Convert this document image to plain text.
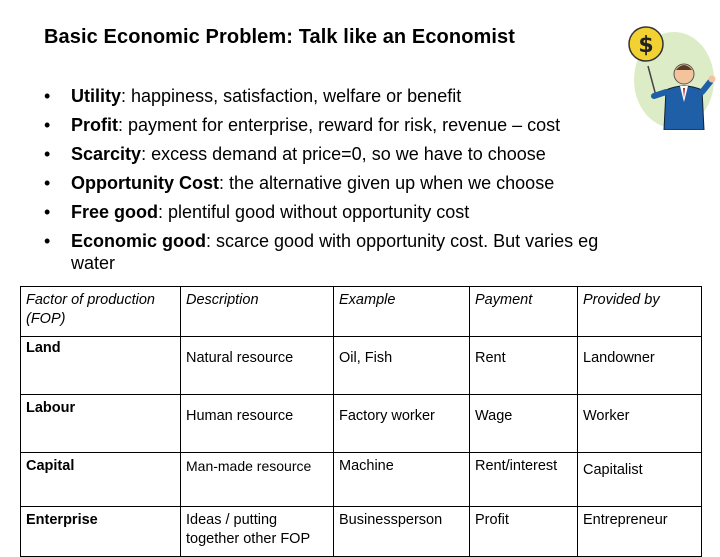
Basic Economic Problem: Talk like an Economist	$
• Utility: happiness, satisfaction, welfare or benefit
• Profit: payment for enterprise, reward for risk, revenue – cost
• Scarcity: excess demand at price=0, so we have to choose
• Opportunity Cost: the alternative given up when we choose
• Free good: plentiful good without opportunity cost
• Economic good: scarce good with opportunity cost. But varies eg
water
Factor of production (FOP)	Description	Example	Payment	Provided by
Land	Natural resource	Oil, Fish	Rent	Landowner
Labour	Human resource	Factory worker	Wage	Worker
Capital	Man-made resource	Machine	Rent/interest	Capitalist
Enterprise	Ideas / putting together other FOP	Businessperson	Profit	Entrepreneur
